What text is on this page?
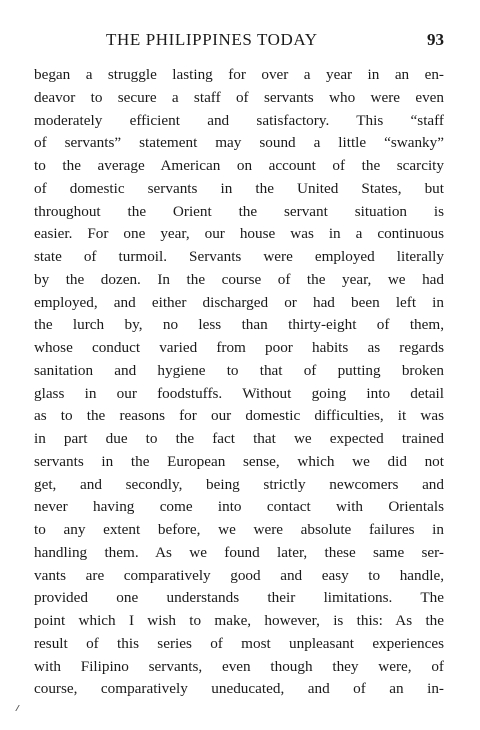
THE PHILIPPINES TODAY	93
began a struggle lasting for over a year in an en-
deavor to secure a staff of servants who were even
moderately efficient and satisfactory. This “staff
of servants” statement may sound a little “swanky”
to the average American on account of the scarcity
of domestic servants in the United States, but
throughout the Orient the servant situation is
easier. For one year, our house was in a continuous
state of turmoil. Servants were employed literally
by the dozen. In the course of the year, we had
employed, and either discharged or had been left in
the lurch by, no less than thirty-eight of them,
whose conduct varied from poor habits as regards
sanitation and hygiene to that of putting broken
glass in our foodstuffs. Without going into detail
as to the reasons for our domestic difficulties, it was
in part due to the fact that we expected trained
servants in the European sense, which we did not
get, and secondly, being strictly newcomers and
never having come into contact with Orientals
to any extent before, we were absolute failures in
handling them. As we found later, these same ser-
vants are comparatively good and easy to handle,
provided one understands their limitations. The
point which I wish to make, however, is this: As the
result of this series of most unpleasant experiences
with Filipino servants, even though they were, of
course, comparatively uneducated, and of an in-
